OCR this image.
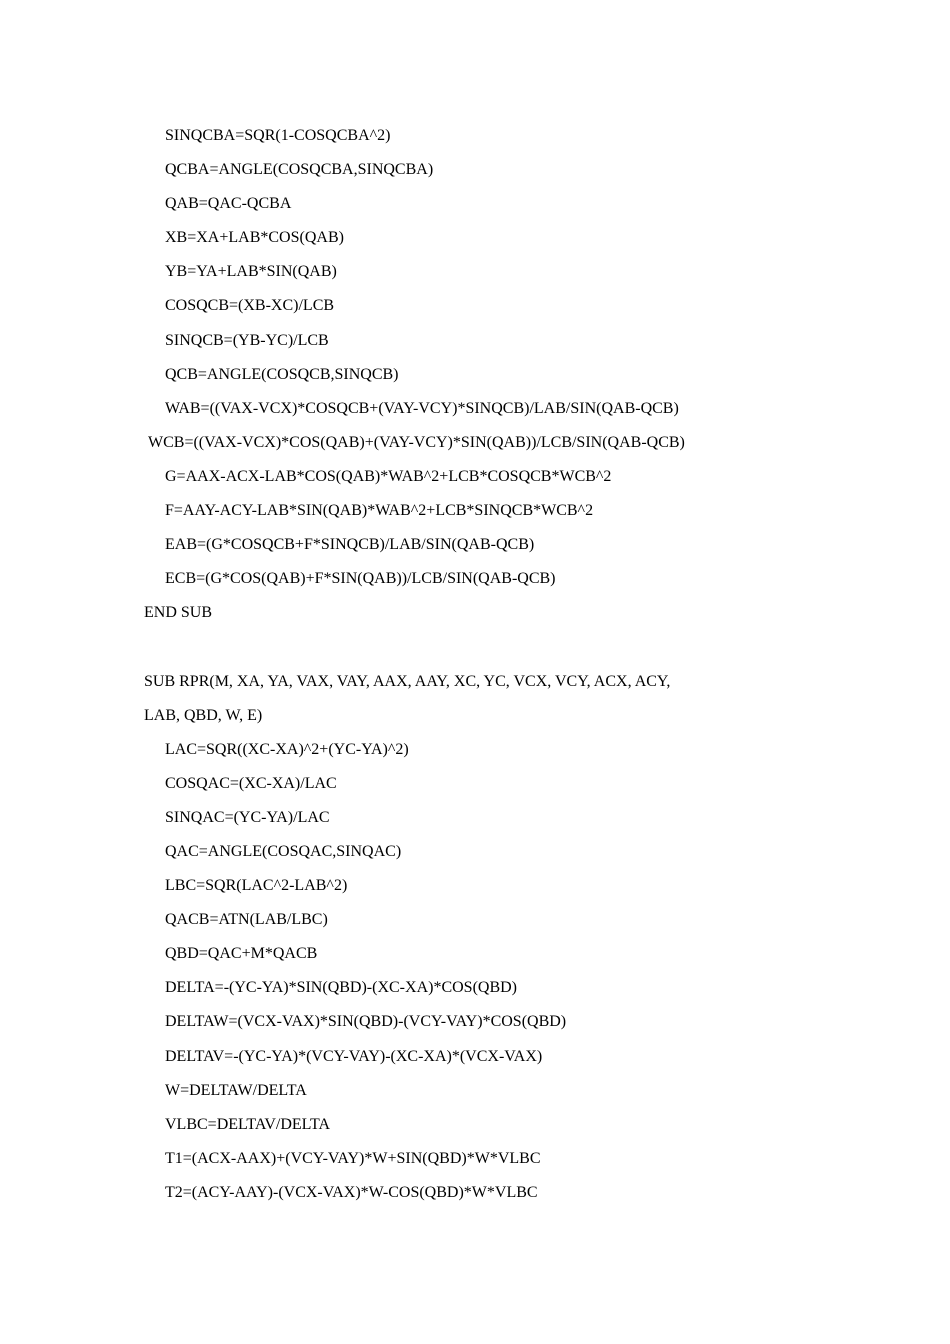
SINQCBA=SQR(1-COSQCBA^2)
QCBA=ANGLE(COSQCBA,SINQCBA)
QAB=QAC-QCBA
XB=XA+LAB*COS(QAB)
YB=YA+LAB*SIN(QAB)
COSQCB=(XB-XC)/LCB
SINQCB=(YB-YC)/LCB
QCB=ANGLE(COSQCB,SINQCB)
WAB=((VAX-VCX)*COSQCB+(VAY-VCY)*SINQCB)/LAB/SIN(QAB-QCB)
WCB=((VAX-VCX)*COS(QAB)+(VAY-VCY)*SIN(QAB))/LCB/SIN(QAB-QCB)
G=AAX-ACX-LAB*COS(QAB)*WAB^2+LCB*COSQCB*WCB^2
F=AAY-ACY-LAB*SIN(QAB)*WAB^2+LCB*SINQCB*WCB^2
EAB=(G*COSQCB+F*SINQCB)/LAB/SIN(QAB-QCB)
ECB=(G*COS(QAB)+F*SIN(QAB))/LCB/SIN(QAB-QCB)
END SUB
SUB RPR(M, XA, YA, VAX, VAY, AAX, AAY, XC, YC, VCX, VCY, ACX, ACY,
LAB, QBD, W, E)
LAC=SQR((XC-XA)^2+(YC-YA)^2)
COSQAC=(XC-XA)/LAC
SINQAC=(YC-YA)/LAC
QAC=ANGLE(COSQAC,SINQAC)
LBC=SQR(LAC^2-LAB^2)
QACB=ATN(LAB/LBC)
QBD=QAC+M*QACB
DELTA=-(YC-YA)*SIN(QBD)-(XC-XA)*COS(QBD)
DELTAW=(VCX-VAX)*SIN(QBD)-(VCY-VAY)*COS(QBD)
DELTAV=-(YC-YA)*(VCY-VAY)-(XC-XA)*(VCX-VAX)
W=DELTAW/DELTA
VLBC=DELTAV/DELTA
T1=(ACX-AAX)+(VCY-VAY)*W+SIN(QBD)*W*VLBC
T2=(ACY-AAY)-(VCX-VAX)*W-COS(QBD)*W*VLBC
